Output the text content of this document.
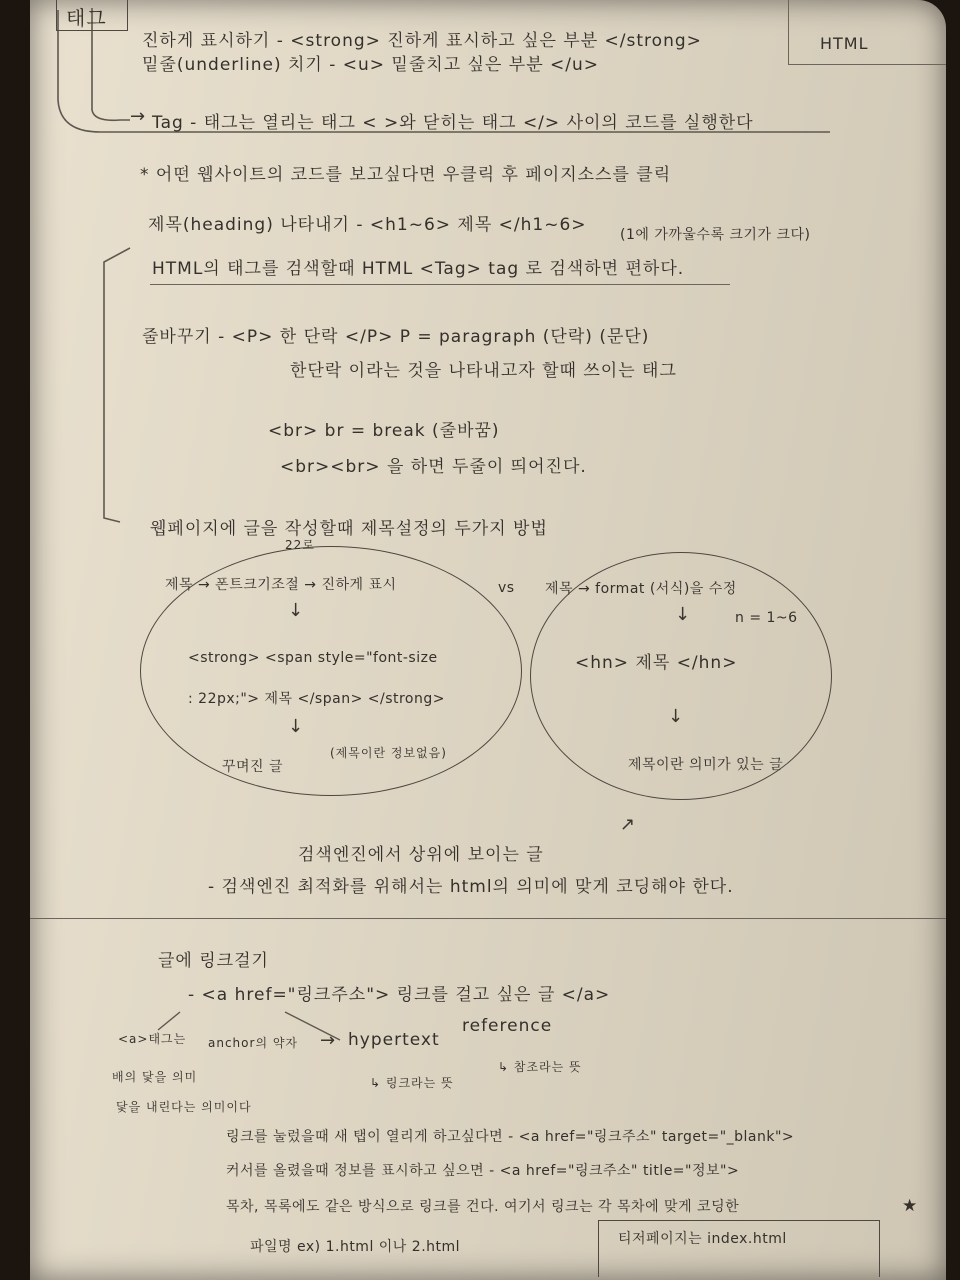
태그
HTML
진하게 표시하기 - <strong> 진하게 표시하고 싶은 부분 </strong>
밑줄(underline) 치기 - <u> 밑줄치고 싶은 부분 </u>
→ Tag - 태그는 열리는 태그 < >와 닫히는 태그 </> 사이의 코드를 실행한다
* 어떤 웹사이트의 코드를 보고싶다면 우클릭 후 페이지소스를 클릭
제목(heading) 나타내기 - <h1~6> 제목 </h1~6> (1에 가까울수록 크기가 크다)
HTML의 태그를 검색할때 HTML <Tag> tag 로 검색하면 편하다.
줄바꾸기 - <P> 한 단락 </P> P = paragraph (단락) (문단)
한단락 이라는 것을 나타내고자 할때 쓰이는 태그
<br> br = break (줄바꿈)
<br><br> 을 하면 두줄이 띄어진다.
웹페이지에 글을 작성할때 제목설정의 두가지 방법
22로
제목 → 폰트크기조절 → 진하게 표시
↓
<strong> <span style="font-size
: 22px;"> 제목 </span> </strong>
↓
꾸며진 글
(제목이란 정보없음)
vs 제목 → format (서식)을 수정
↓	n = 1~6
<hn> 제목 </hn>
↓
제목이란 의미가 있는 글
↗
검색엔진에서 상위에 보이는 글
- 검색엔진 최적화를 위해서는 html의 의미에 맞게 코딩해야 한다.
글에 링크걸기
- <a href="링크주소"> 링크를 걸고 싶은 글 </a>
<a>태그는 anchor의 약자 → hypertext
reference
↳ 링크라는 뜻
↳ 참조라는 뜻
배의 닻을 의미
닻을 내린다는 의미이다
링크를 눌렀을때 새 탭이 열리게 하고싶다면 - <a href="링크주소" target="_blank">
커서를 올렸을때 정보를 표시하고 싶으면 - <a href="링크주소" title="정보">
목차, 목록에도 같은 방식으로 링크를 건다. 여기서 링크는 각 목차에 맞게 코딩한
파일명 ex) 1.html 이나 2.html	티저페이지는 index.html
★
